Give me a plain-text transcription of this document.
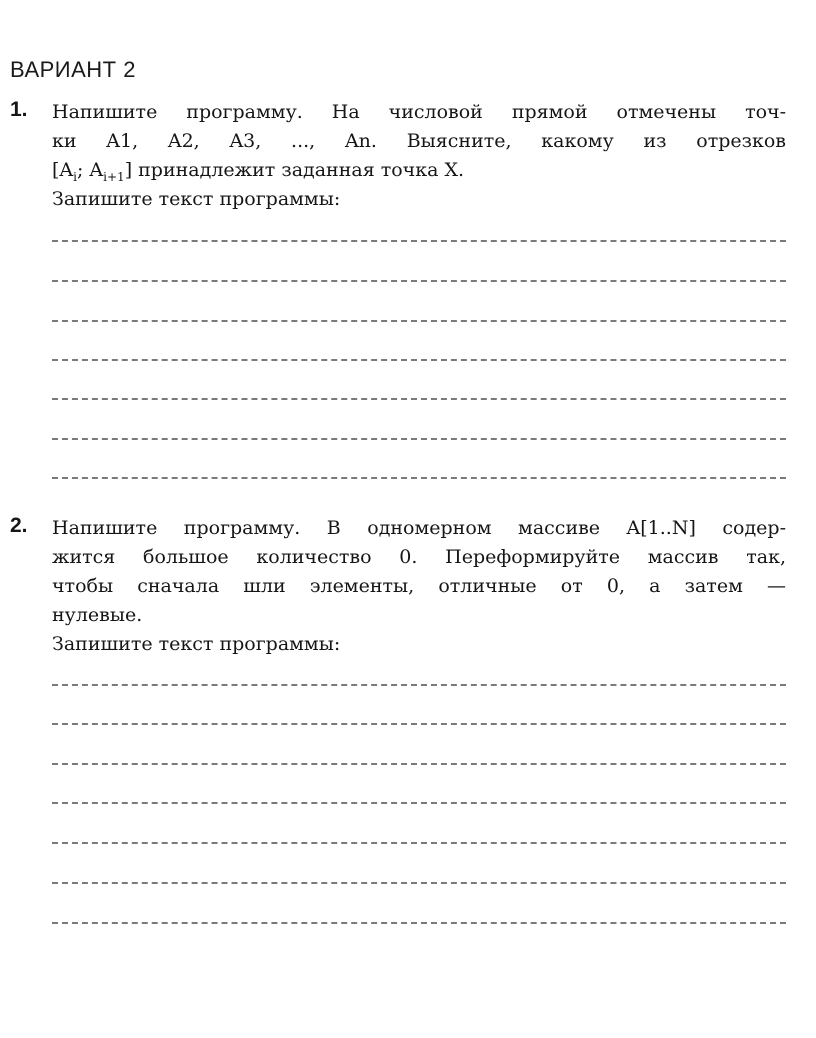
ВАРИАНТ 2
1. Напишите программу. На числовой прямой отмечены точ-
ки A1, A2, A3, ..., An. Выясните, какому из отрезков
[$A_i$; $A_{i+1}$] принадлежит заданная точка X.
Запишите текст программы:
2. Напишите программу. В одномерном массиве A[1..N] содер-
жится большое количество 0. Переформируйте массив так,
чтобы сначала шли элементы, отличные от 0, а затем —
нулевые.
Запишите текст программы:
